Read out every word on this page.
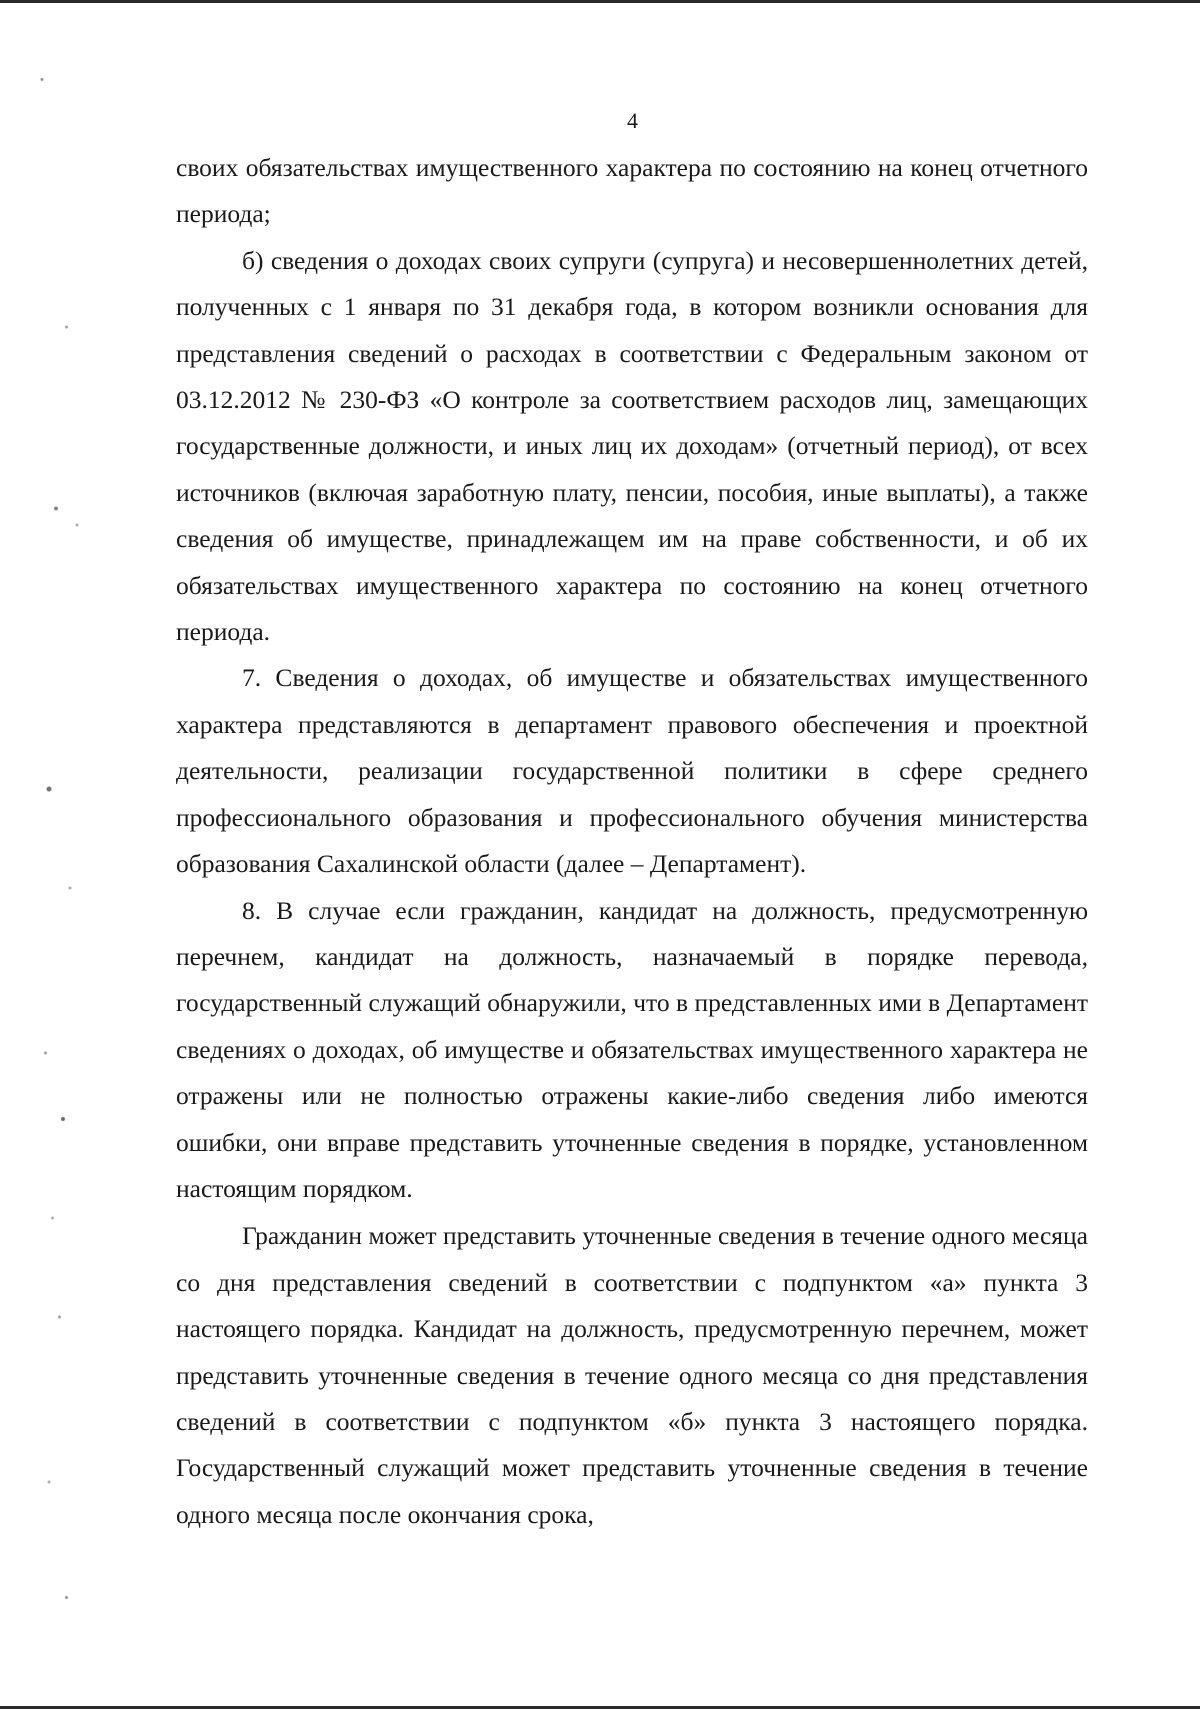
4

своих обязательствах имущественного характера по состоянию на конец отчетного периода;

б) сведения о доходах своих супруги (супруга) и несовершеннолетних детей, полученных с 1 января по 31 декабря года, в котором возникли основания для представления сведений о расходах в соответствии с Федеральным законом от 03.12.2012 № 230-ФЗ «О контроле за соответствием расходов лиц, замещающих государственные должности, и иных лиц их доходам» (отчетный период), от всех источников (включая заработную плату, пенсии, пособия, иные выплаты), а также сведения об имуществе, принадлежащем им на праве собственности, и об их обязательствах имущественного характера по состоянию на конец отчетного периода.

7. Сведения о доходах, об имуществе и обязательствах имущественного характера представляются в департамент правового обеспечения и проектной деятельности, реализации государственной политики в сфере среднего профессионального образования и профессионального обучения министерства образования Сахалинской области (далее – Департамент).

8. В случае если гражданин, кандидат на должность, предусмотренную перечнем, кандидат на должность, назначаемый в порядке перевода, государственный служащий обнаружили, что в представленных ими в Департамент сведениях о доходах, об имуществе и обязательствах имущественного характера не отражены или не полностью отражены какие-либо сведения либо имеются ошибки, они вправе представить уточненные сведения в порядке, установленном настоящим порядком.

Гражданин может представить уточненные сведения в течение одного месяца со дня представления сведений в соответствии с подпунктом «а» пункта 3 настоящего порядка. Кандидат на должность, предусмотренную перечнем, может представить уточненные сведения в течение одного месяца со дня представления сведений в соответствии с подпунктом «б» пункта 3 настоящего порядка. Государственный служащий может представить уточненные сведения в течение одного месяца после окончания срока,
